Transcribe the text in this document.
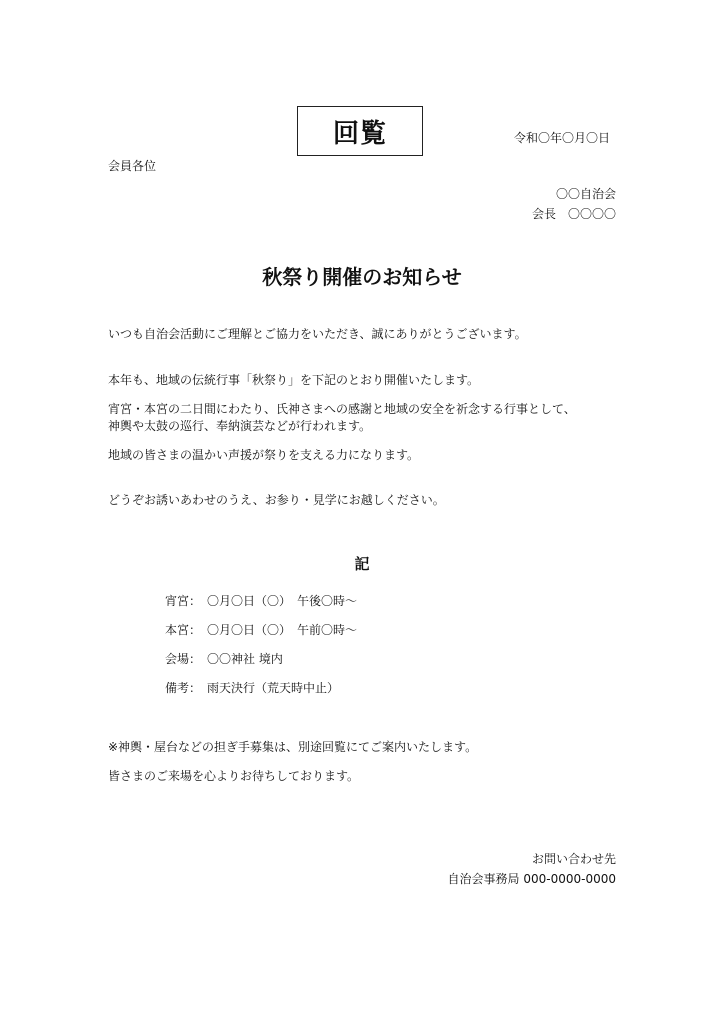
回覧	令和〇年〇月〇日
会員各位
〇〇自治会
会長　〇〇〇〇
秋祭り開催のお知らせ
いつも自治会活動にご理解とご協力をいただき、誠にありがとうございます。
本年も、地域の伝統行事「秋祭り」を下記のとおり開催いたします。
宵宮・本宮の二日間にわたり、氏神さまへの感謝と地域の安全を祈念する行事として、
神輿や太鼓の巡行、奉納演芸などが行われます。
地域の皆さまの温かい声援が祭りを支える力になります。
どうぞお誘いあわせのうえ、お参り・見学にお越しください。
記
宵宮： 〇月〇日（〇）　午後〇時～
本宮： 〇月〇日（〇）　午前〇時～
会場： 〇〇神社 境内
備考： 雨天決行（荒天時中止）
※神輿・屋台などの担ぎ手募集は、別途回覧にてご案内いたします。
皆さまのご来場を心よりお待ちしております。
お問い合わせ先
自治会事務局 000-0000-0000
